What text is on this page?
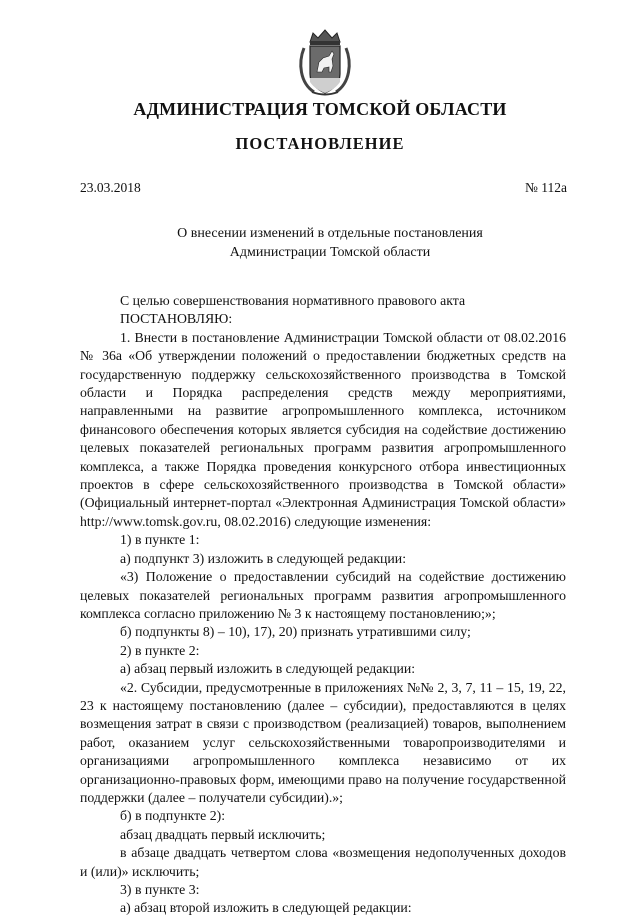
АДМИНИСТРАЦИЯ ТОМСКОЙ ОБЛАСТИ
ПОСТАНОВЛЕНИЕ
23.03.2018	№ 112а
О внесении изменений в отдельные постановления
Администрации Томской области

С целью совершенствования нормативного правового акта

ПОСТАНОВЛЯЮ:

1. Внести в постановление Администрации Томской области от 08.02.2016 № 36а «Об утверждении положений о предоставлении бюджетных средств на государственную поддержку сельскохозяйственного производства в Томской области и Порядка распределения средств между мероприятиями, направленными на развитие агропромышленного комплекса, источником финансового обеспечения которых является субсидия на содействие достижению целевых показателей региональных программ развития агропромышленного комплекса, а также Порядка проведения конкурсного отбора инвестиционных проектов в сфере сельскохозяйственного производства в Томской области» (Официальный интернет-портал «Электронная Администрация Томской области» http://www.tomsk.gov.ru, 08.02.2016) следующие изменения:

1) в пункте 1:

а) подпункт 3) изложить в следующей редакции:

«3) Положение о предоставлении субсидий на содействие достижению целевых показателей региональных программ развития агропромышленного комплекса согласно приложению № 3 к настоящему постановлению;»;

б) подпункты 8) – 10), 17), 20) признать утратившими силу;

2) в пункте 2:

а) абзац первый изложить в следующей редакции:

«2. Субсидии, предусмотренные в приложениях №№ 2, 3, 7, 11 – 15, 19, 22, 23 к настоящему постановлению (далее – субсидии), предоставляются в целях возмещения затрат в связи с производством (реализацией) товаров, выполнением работ, оказанием услуг сельскохозяйственными товаропроизводителями и организациями агропромышленного комплекса независимо от их организационно-правовых форм, имеющими право на получение государственной поддержки (далее – получатели субсидии).»;

б) в подпункте 2):

абзац двадцать первый исключить;

в абзаце двадцать четвертом слова «возмещения недополученных доходов и (или)» исключить;

3) в пункте 3:

а) абзац второй изложить в следующей редакции:
